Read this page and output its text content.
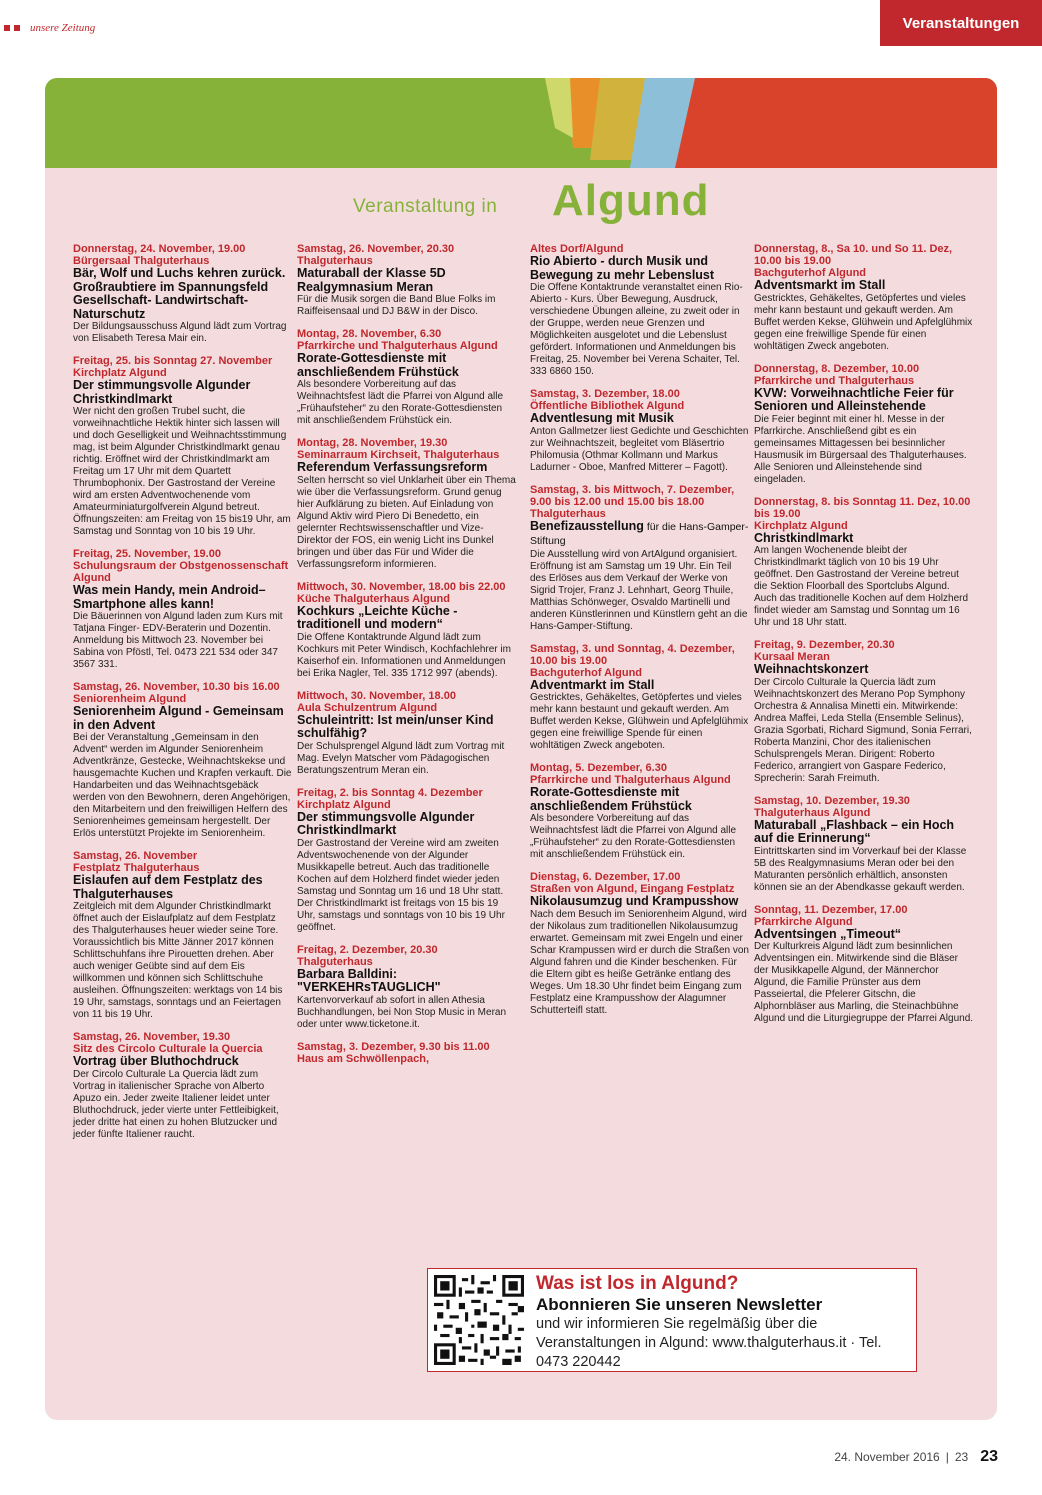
unsere Zeitung	Veranstaltungen
Veranstaltung in Algund
Donnerstag, 24. November, 19.00
Bürgersaal Thalguterhaus
Bär, Wolf und Luchs kehren zurück. Großraubtiere im Spannungsfeld Gesellschaft- Landwirtschaft- Naturschutz
Der Bildungsausschuss Algund lädt zum Vortrag von Elisabeth Teresa Mair ein.
Freitag, 25. bis Sonntag 27. November
Kirchplatz Algund
Der stimmungsvolle Algunder Christkindlmarkt
Wer nicht den großen Trubel sucht, die vorweihnachtliche Hektik hinter sich lassen will und doch Geselligkeit und Weihnachtsstimmung mag, ist beim Algunder Christkindlmarkt genau richtig. Eröffnet wird der Christkindlmarkt am Freitag um 17 Uhr mit dem Quartett Thrumbophonix. Der Gastrostand der Vereine wird am ersten Adventwochenende vom Amateurminiaturgolfverein Algund betreut. Öffnungszeiten: am Freitag von 15 bis19 Uhr, am Samstag und Sonntag von 10 bis 19 Uhr.
Freitag, 25. November, 19.00
Schulungsraum der Obstgenossenschaft Algund
Was mein Handy, mein Android– Smartphone alles kann!
Die Bäuerinnen von Algund laden zum Kurs mit Tatjana Finger- EDV-Beraterin und Dozentin. Anmeldung bis Mittwoch 23. November bei Sabina von Pföstl, Tel. 0473 221 534 oder 347 3567 331.
Samstag, 26. November, 10.30 bis 16.00
Seniorenheim Algund
Seniorenheim Algund - Gemeinsam in den Advent
Bei der Veranstaltung „Gemeinsam in den Advent“ werden im Algunder Seniorenheim Adventkränze, Gestecke, Weihnachtskekse und hausgemachte Kuchen und Krapfen verkauft. Die Handarbeiten und das Weihnachtsgebäck werden von den Bewohnern, deren Angehörigen, den Mitarbeitern und den freiwilligen Helfern des Seniorenheimes gemeinsam hergestellt. Der Erlös unterstützt Projekte im Seniorenheim.
Samstag, 26. November
Festplatz Thalguterhaus
Eislaufen auf dem Festplatz des Thalguterhauses
Zeitgleich mit dem Algunder Christkindlmarkt öffnet auch der Eislaufplatz auf dem Festplatz des Thalguterhauses heuer wieder seine Tore. Voraussichtlich bis Mitte Jänner 2017 können Schlittschuhfans ihre Pirouetten drehen. Aber auch weniger Geübte sind auf dem Eis willkommen und können sich Schlittschuhe ausleihen. Öffnungszeiten: werktags von 14 bis 19 Uhr, samstags, sonntags und an Feiertagen von 11 bis 19 Uhr.
Samstag, 26. November, 19.30
Sitz des Circolo Culturale la Quercia
Vortrag über Bluthochdruck
Der Circolo Culturale La Quercia lädt zum Vortrag in italienischer Sprache von Alberto Apuzo ein. Jeder zweite Italiener leidet unter Bluthochdruck, jeder vierte unter Fettleibigkeit, jeder dritte hat einen zu hohen Blutzucker und jeder fünfte Italiener raucht.
Samstag, 26. November, 20.30
Thalguterhaus
Maturaball der Klasse 5D Realgymnasium Meran
Für die Musik sorgen die Band Blue Folks im Raiffeisensaal und DJ B&W in der Disco.
Montag, 28. November, 6.30
Pfarrkirche und Thalguterhaus Algund
Rorate-Gottesdienste mit anschließendem Frühstück
Als besondere Vorbereitung auf das Weihnachtsfest lädt die Pfarrei von Algund alle „Frühaufsteher“ zu den Rorate-Gottesdiensten mit anschließendem Frühstück ein.
Montag, 28. November, 19.30
Seminarraum Kirchseit, Thalguterhaus
Referendum Verfassungsreform
Selten herrscht so viel Unklarheit über ein Thema wie über die Verfassungsreform. Grund genug hier Aufklärung zu bieten. Auf Einladung von Algund Aktiv wird Piero Di Benedetto, ein gelernter Rechtswissenschaftler und Vize-Direktor der FOS, ein wenig Licht ins Dunkel bringen und über das Für und Wider die Verfassungsreform informieren.
Mittwoch, 30. November, 18.00 bis 22.00
Küche Thalguterhaus Algund
Kochkurs „Leichte Küche - traditionell und modern“
Die Offene Kontaktrunde Algund lädt zum Kochkurs mit Peter Windisch, Kochfachlehrer im Kaiserhof ein. Informationen und Anmeldungen bei Erika Nagler, Tel. 335 1712 997 (abends).
Mittwoch, 30. November, 18.00
Aula Schulzentrum Algund
Schuleintritt: Ist mein/unser Kind schulfähig?
Der Schulsprengel Algund lädt zum Vortrag mit Mag. Evelyn Matscher vom Pädagogischen Beratungszentrum Meran ein.
Freitag, 2. bis Sonntag 4. Dezember
Kirchplatz Algund
Der stimmungsvolle Algunder Christkindlmarkt
Der Gastrostand der Vereine wird am zweiten Adventswochenende von der Algunder Musikkapelle betreut. Auch das traditionelle Kochen auf dem Holzherd findet wieder jeden Samstag und Sonntag um 16 und 18 Uhr statt. Der Christkindlmarkt ist freitags von 15 bis 19 Uhr, samstags und sonntags von 10 bis 19 Uhr geöffnet.
Freitag, 2. Dezember, 20.30
Thalguterhaus
Barbara Balldini: "VERKEHRsTAUGLICH"
Kartenvorverkauf ab sofort in allen Athesia Buchhandlungen, bei Non Stop Music in Meran oder unter www.ticketone.it.
Samstag, 3. Dezember, 9.30 bis 11.00
Haus am Schwöllenpach,
Altes Dorf/Algund
Rio Abierto - durch Musik und Bewegung zu mehr Lebenslust
Die Offene Kontaktrunde veranstaltet einen Rio-Abierto - Kurs. Über Bewegung, Ausdruck, verschiedene Übungen alleine, zu zweit oder in der Gruppe, werden neue Grenzen und Möglichkeiten ausgelotet und die Lebenslust gefördert. Informationen und Anmeldungen bis Freitag, 25. November bei Verena Schaiter, Tel. 333 6860 150.
Samstag, 3. Dezember, 18.00
Öffentliche Bibliothek Algund
Adventlesung mit Musik
Anton Gallmetzer liest Gedichte und Geschichten zur Weihnachtszeit, begleitet vom Bläsertrio Philomusia (Othmar Kollmann und Markus Ladurner - Oboe, Manfred Mitterer – Fagott).
Samstag, 3. bis Mittwoch, 7. Dezember, 9.00 bis 12.00 und 15.00 bis 18.00
Thalguterhaus
Benefizausstellung für die Hans-Gamper-Stiftung
Die Ausstellung wird von ArtAlgund organisiert. Eröffnung ist am Samstag um 19 Uhr. Ein Teil des Erlöses aus dem Verkauf der Werke von Sigrid Trojer, Franz J. Lehnhart, Georg Thuile, Matthias Schönweger, Osvaldo Martinelli und anderen Künstlerinnen und Künstlern geht an die Hans-Gamper-Stiftung.
Samstag, 3. und Sonntag, 4. Dezember, 10.00 bis 19.00
Bachguterhof Algund
Adventmarkt im Stall
Gestricktes, Gehäkeltes, Getöpfertes und vieles mehr kann bestaunt und gekauft werden. Am Buffet werden Kekse, Glühwein und Apfelglühmix gegen eine freiwillige Spende für einen wohltätigen Zweck angeboten.
Montag, 5. Dezember, 6.30
Pfarrkirche und Thalguterhaus Algund
Rorate-Gottesdienste mit anschließendem Frühstück
Als besondere Vorbereitung auf das Weihnachtsfest lädt die Pfarrei von Algund alle „Frühaufsteher“ zu den Rorate-Gottesdiensten mit anschließendem Frühstück ein.
Dienstag, 6. Dezember, 17.00
Straßen von Algund, Eingang Festplatz
Nikolausumzug und Krampusshow
Nach dem Besuch im Seniorenheim Algund, wird der Nikolaus zum traditionellen Nikolausumzug erwartet. Gemeinsam mit zwei Engeln und einer Schar Krampussen wird er durch die Straßen von Algund fahren und die Kinder beschenken. Für die Eltern gibt es heiße Getränke entlang des Weges. Um 18.30 Uhr findet beim Eingang zum Festplatz eine Krampusshow der Alagumner Schutterteifl statt.
Donnerstag, 8., Sa 10. und So 11. Dez, 10.00 bis 19.00
Bachguterhof Algund
Adventsmarkt im Stall
Gestricktes, Gehäkeltes, Getöpfertes und vieles mehr kann bestaunt und gekauft werden. Am Buffet werden Kekse, Glühwein und Apfelglühmix gegen eine freiwillige Spende für einen wohltätigen Zweck angeboten.
Donnerstag, 8. Dezember, 10.00
Pfarrkirche und Thalguterhaus
KVW: Vorweihnachtliche Feier für Senioren und Alleinstehende
Die Feier beginnt mit einer hl. Messe in der Pfarrkirche. Anschließend gibt es ein gemeinsames Mittagessen bei besinnlicher Hausmusik im Bürgersaal des Thalguterhauses. Alle Senioren und Alleinstehende sind eingeladen.
Donnerstag, 8. bis Sonntag 11. Dez, 10.00 bis 19.00
Kirchplatz Algund
Christkindlmarkt
Am langen Wochenende bleibt der Christkindlmarkt täglich von 10 bis 19 Uhr geöffnet. Den Gastrostand der Vereine betreut die Sektion Floorball des Sportclubs Algund. Auch das traditionelle Kochen auf dem Holzherd findet wieder am Samstag und Sonntag um 16 Uhr und 18 Uhr statt.
Freitag, 9. Dezember, 20.30
Kursaal Meran
Weihnachtskonzert
Der Circolo Culturale la Quercia lädt zum Weihnachtskonzert des Merano Pop Symphony Orchestra & Annalisa Minetti ein. Mitwirkende: Andrea Maffei, Leda Stella (Ensemble Selinus), Grazia Sgorbati, Richard Sigmund, Sonia Ferrari, Roberta Manzini, Chor des italienischen Schulsprengels Meran. Dirigent: Roberto Federico, arrangiert von Gaspare Federico, Sprecherin: Sarah Freimuth.
Samstag, 10. Dezember, 19.30
Thalguterhaus Algund
Maturaball „Flashback – ein Hoch auf die Erinnerung“
Eintrittskarten sind im Vorverkauf bei der Klasse 5B des Realgymnasiums Meran oder bei den Maturanten persönlich erhältlich, ansonsten können sie an der Abendkasse gekauft werden.
Sonntag, 11. Dezember, 17.00
Pfarrkirche Algund
Adventsingen „Timeout“
Der Kulturkreis Algund lädt zum besinnlichen Adventsingen ein. Mitwirkende sind die Bläser der Musikkapelle Algund, der Männerchor Algund, die Familie Prünster aus dem Passeiertal, die Pfelerer Gitschn, die Alphornbläser aus Marling, die Steinachbühne Algund und die Liturgiegruppe der Pfarrei Algund.
Was ist los in Algund?
Abonnieren Sie unseren Newsletter
und wir informieren Sie regelmäßig über die Veranstaltungen in Algund: www.thalguterhaus.it · Tel. 0473 220442
24. November 2016 | 23 23
